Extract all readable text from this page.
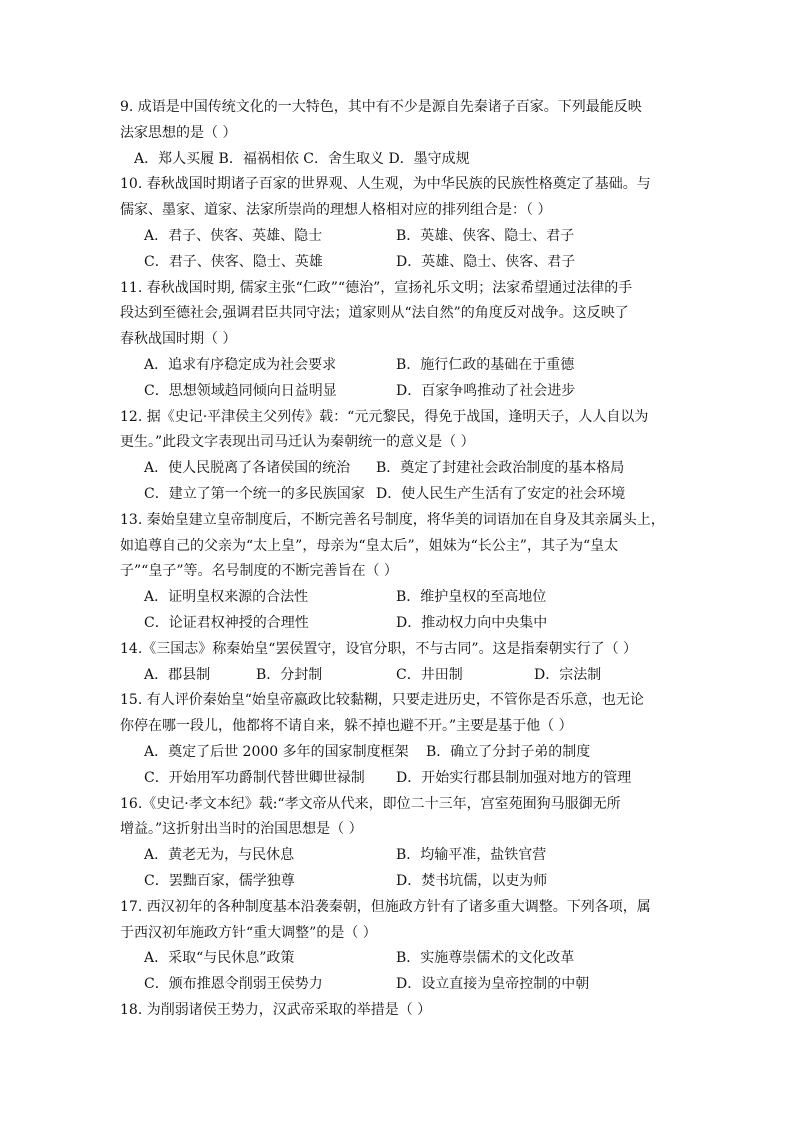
9. 成语是中国传统文化的一大特色，其中有不少是源自先秦诸子百家。下列最能反映
法家思想的是（ ）
A．郑人买履 B．福祸相依 C．舍生取义 D．墨守成规
10. 春秋战国时期诸子百家的世界观、人生观，为中华民族的民族性格奠定了基础。与
儒家、墨家、道家、法家所崇尚的理想人格相对应的排列组合是：（ ）
A．君子、侠客、英雄、隐士	B．英雄、侠客、隐士、君子
C．君子、侠客、隐士、英雄	D．英雄、隐士、侠客、君子
11. 春秋战国时期, 儒家主张“仁政”“德治”，宣扬礼乐文明；法家希望通过法律的手
段达到至德社会,强调君臣共同守法；道家则从“法自然”的角度反对战争。这反映了
春秋战国时期（ ）
A．追求有序稳定成为社会要求	B．施行仁政的基础在于重德
C．思想领域趋同倾向日益明显	D．百家争鸣推动了社会进步
12. 据《史记·平津侯主父列传》载：“元元黎民，得免于战国，逢明天子，人人自以为
更生。”此段文字表现出司马迁认为秦朝统一的意义是（ ）
A．使人民脱离了各诸侯国的统治 B．奠定了封建社会政治制度的基本格局
C．建立了第一个统一的多民族国家 D．使人民生产生活有了安定的社会环境
13. 秦始皇建立皇帝制度后，不断完善名号制度，将华美的词语加在自身及其亲属头上，
如追尊自己的父亲为“太上皇”，母亲为“皇太后”，姐妹为“长公主”，其子为“皇太
子”“皇子”等。名号制度的不断完善旨在（ ）
A．证明皇权来源的合法性	B．维护皇权的至高地位
C．论证君权神授的合理性	D．推动权力向中央集中
14.《三国志》称秦始皇“罢侯置守，设官分职，不与古同”。这是指秦朝实行了（ ）
A．郡县制	B．分封制	C．井田制	D．宗法制
15. 有人评价秦始皇“始皇帝嬴政比较黏糊，只要走进历史，不管你是否乐意，也无论
你停在哪一段儿，他都将不请自来，躲不掉也避不开。”主要是基于他（ ）
A．奠定了后世 2000 多年的国家制度框架 B．确立了分封子弟的制度
C．开始用军功爵制代替世卿世禄制 D．开始实行郡县制加强对地方的管理
16.《史记·孝文本纪》载:“孝文帝从代来，即位二十三年，宫室苑囿狗马服御无所
增益。”这折射出当时的治国思想是（ ）
A．黄老无为，与民休息	B．均输平准，盐铁官营
C．罢黜百家，儒学独尊	D．焚书坑儒，以吏为师
17. 西汉初年的各种制度基本沿袭秦朝，但施政方针有了诸多重大调整。下列各项，属
于西汉初年施政方针“重大调整”的是（ ）
A．采取“与民休息”政策	B．实施尊崇儒术的文化改革
C．颁布推恩令削弱王侯势力	D．设立直接为皇帝控制的中朝
18. 为削弱诸侯王势力，汉武帝采取的举措是（ ）
